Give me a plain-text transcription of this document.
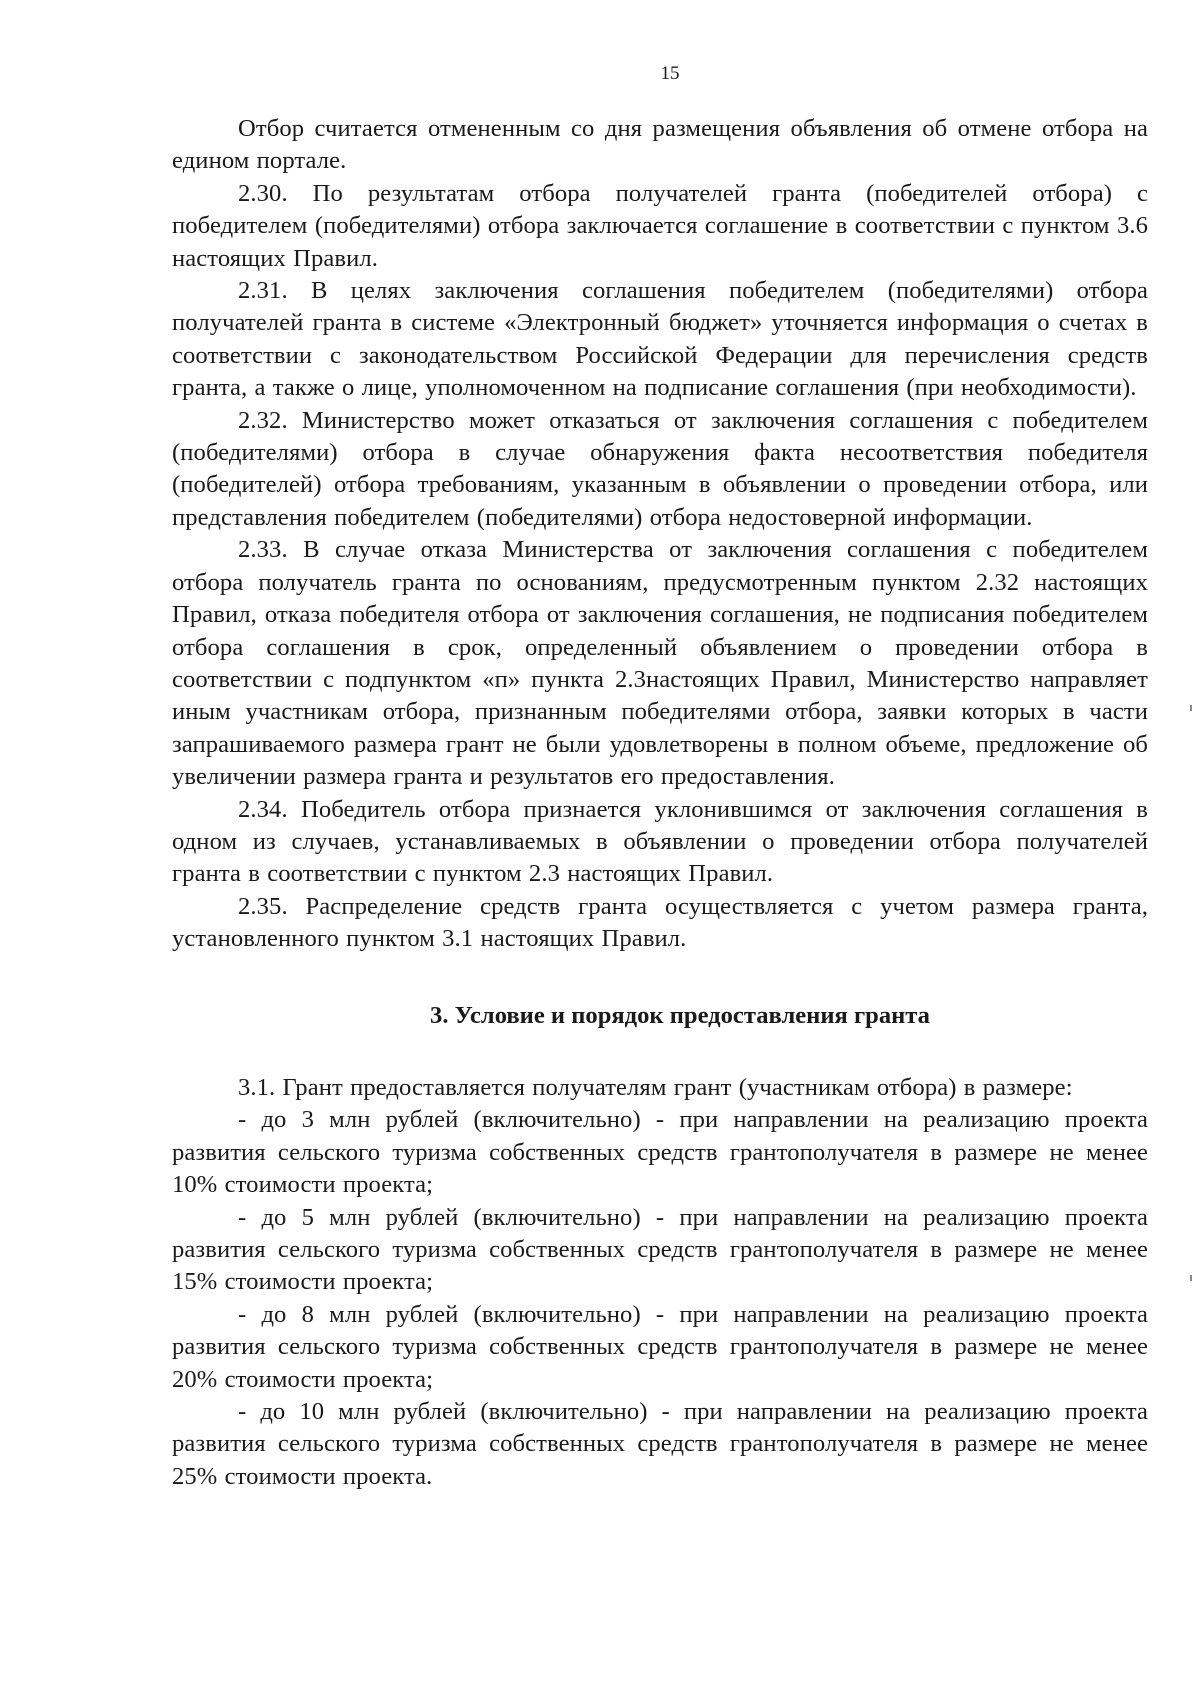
15

Отбор считается отмененным со дня размещения объявления об отмене отбора на едином портале.

2.30. По результатам отбора получателей гранта (победителей отбора) с победителем (победителями) отбора заключается соглашение в соответствии с пунктом 3.6 настоящих Правил.

2.31. В целях заключения соглашения победителем (победителями) отбора получателей гранта в системе «Электронный бюджет» уточняется информация о счетах в соответствии с законодательством Российской Федерации для перечисления средств гранта, а также о лице, уполномоченном на подписание соглашения (при необходимости).

2.32. Министерство может отказаться от заключения соглашения с победителем (победителями) отбора в случае обнаружения факта несоответствия победителя (победителей) отбора требованиям, указанным в объявлении о проведении отбора, или представления победителем (победителями) отбора недостоверной информации.

2.33. В случае отказа Министерства от заключения соглашения с победителем отбора получатель гранта по основаниям, предусмотренным пунктом 2.32 настоящих Правил, отказа победителя отбора от заключения соглашения, не подписания победителем отбора соглашения в срок, определенный объявлением о проведении отбора в соответствии с подпунктом «п» пункта 2.3настоящих Правил, Министерство направляет иным участникам отбора, признанным победителями отбора, заявки которых в части запрашиваемого размера грант не были удовлетворены в полном объеме, предложение об увеличении размера гранта и результатов его предоставления.

2.34. Победитель отбора признается уклонившимся от заключения соглашения в одном из случаев, устанавливаемых в объявлении о проведении отбора получателей гранта в соответствии с пунктом 2.3 настоящих Правил.

2.35. Распределение средств гранта осуществляется с учетом размера гранта, установленного пунктом 3.1 настоящих Правил.

3. Условие и порядок предоставления гранта

3.1. Грант предоставляется получателям грант (участникам отбора) в размере:

- до 3 млн рублей (включительно) - при направлении на реализацию проекта развития сельского туризма собственных средств грантополучателя в размере не менее 10% стоимости проекта;

- до 5 млн рублей (включительно) - при направлении на реализацию проекта развития сельского туризма собственных средств грантополучателя в размере не менее 15% стоимости проекта;

- до 8 млн рублей (включительно) - при направлении на реализацию проекта развития сельского туризма собственных средств грантополучателя в размере не менее 20% стоимости проекта;

- до 10 млн рублей (включительно) - при направлении на реализацию проекта развития сельского туризма собственных средств грантополучателя в размере не менее 25% стоимости проекта.
